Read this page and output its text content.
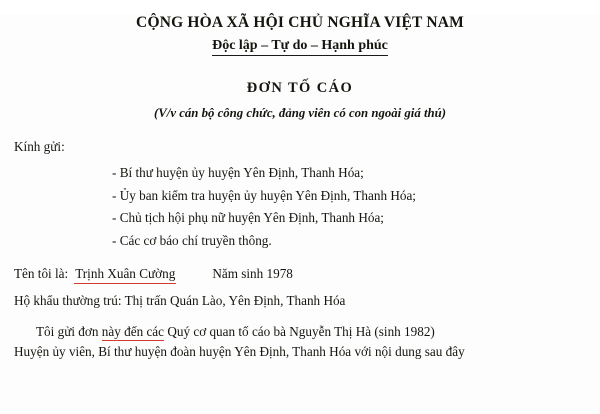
CỘNG HÒA XÃ HỘI CHỦ NGHĨA VIỆT NAM
Độc lập – Tự do – Hạnh phúc
ĐƠN TỐ CÁO
(V/v cán bộ công chức, đảng viên có con ngoài giá thú)
Kính gửi:
- Bí thư huyện ủy huyện Yên Định, Thanh Hóa;
- Ủy ban kiểm tra huyện ủy huyện Yên Định, Thanh Hóa;
- Chủ tịch hội phụ nữ huyện Yên Định, Thanh Hóa;
- Các cơ báo chí truyền thông.
Tên tôi là: Trịnh Xuân Cường	Năm sinh 1978
Hộ khẩu thường trú: Thị trấn Quán Lào, Yên Định, Thanh Hóa
Tôi gửi đơn này đến các Quý cơ quan tố cáo bà Nguyễn Thị Hà (sinh 1982)
Huyện ủy viên, Bí thư huyện đoàn huyện Yên Định, Thanh Hóa với nội dung sau đây
